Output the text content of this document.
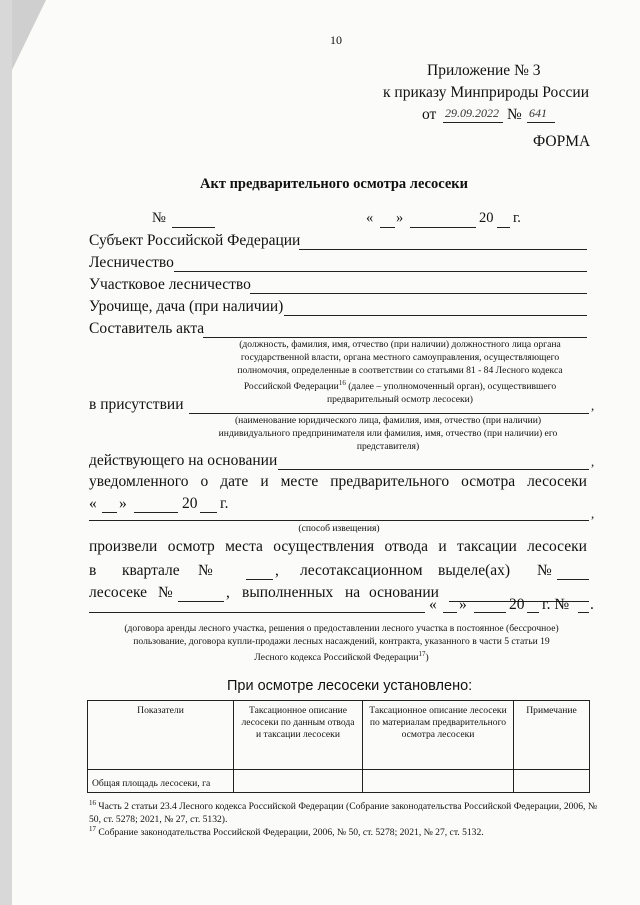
10
Приложение № 3
к приказу Минприроды России
от 29.09.2022 № 641
ФОРМА
Акт предварительного осмотра лесосеки
№	« »	20 г.
Субъект Российской Федерации
Лесничество
Участковое лесничество
Урочище, дача (при наличии)
Составитель акта
(должность, фамилия, имя, отчество (при наличии) должностного лица органа
государственной власти, органа местного самоуправления, осуществляющего
полномочия, определенные в соответствии со статьями 81 - 84 Лесного кодекса
Российской Федерации$^{16}$ (далее – уполномоченный орган), осуществившего
предварительный осмотр лесосеки)
в присутствии	,
(наименование юридического лица, фамилия, имя, отчество (при наличии)
индивидуального предпринимателя или фамилия, имя, отчество (при наличии) его
представителя)
действующего на основании	,
уведомленного о дате и месте предварительного осмотра лесосеки
« »	20 г.
,
(способ извещения)
произвели осмотр места осуществления отвода и таксации лесосеки
в квартале №	, лесотаксационном выделе(ах) №
лесосеке №	, выполненных на основании
« »	20 г. № .
(договора аренды лесного участка, решения о предоставлении лесного участка в постоянное (бессрочное)
пользование, договора купли-продажи лесных насаждений, контракта, указанного в части 5 статьи 19
Лесного кодекса Российской Федерации$^{17}$)
При осмотре лесосеки установлено:
Показатели	Таксационное описание лесосеки по данным отвода и таксации лесосеки	Таксационное описание лесосеки по материалам предварительного осмотра лесосеки	Примечание
Общая площадь лесосеки, га			
$^{16}$ Часть 2 статьи 23.4 Лесного кодекса Российской Федерации (Собрание законодательства Российской Федерации, 2006, № 50, ст. 5278; 2021, № 27, ст. 5132).
$^{17}$ Собрание законодательства Российской Федерации, 2006, № 50, ст. 5278; 2021, № 27, ст. 5132.
